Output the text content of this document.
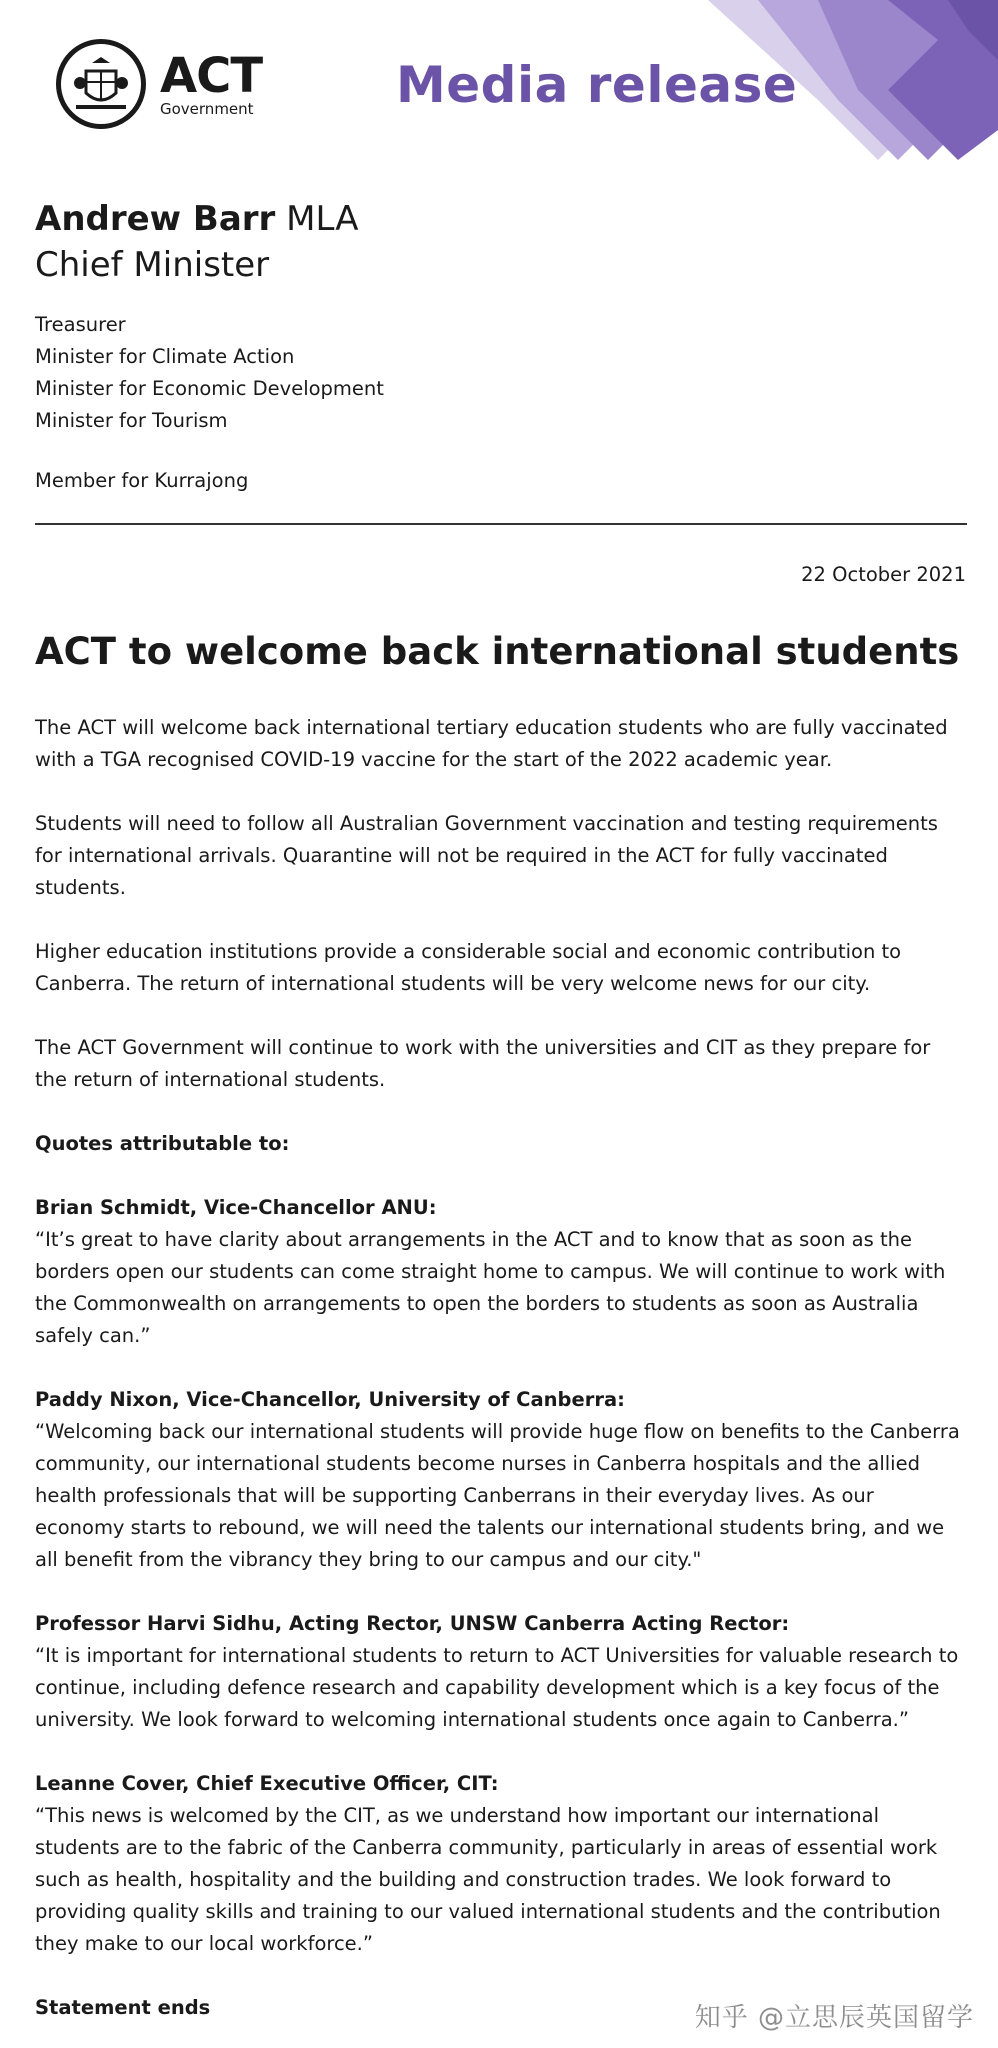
ACT
Government	Media release
Andrew Barr MLA
Chief Minister
Treasurer
Minister for Climate Action
Minister for Economic Development
Minister for Tourism
Member for Kurrajong
22 October 2021
ACT to welcome back international students

The ACT will welcome back international tertiary education students who are fully vaccinated with a TGA recognised COVID-19 vaccine for the start of the 2022 academic year.

Students will need to follow all Australian Government vaccination and testing requirements for international arrivals. Quarantine will not be required in the ACT for fully vaccinated students.

Higher education institutions provide a considerable social and economic contribution to Canberra. The return of international students will be very welcome news for our city.

The ACT Government will continue to work with the universities and CIT as they prepare for the return of international students.

Quotes attributable to:

Brian Schmidt, Vice-Chancellor ANU:

“It’s great to have clarity about arrangements in the ACT and to know that as soon as the borders open our students can come straight home to campus. We will continue to work with the Commonwealth on arrangements to open the borders to students as soon as Australia safely can.”

Paddy Nixon, Vice-Chancellor, University of Canberra:

“Welcoming back our international students will provide huge flow on benefits to the Canberra community, our international students become nurses in Canberra hospitals and the allied health professionals that will be supporting Canberrans in their everyday lives. As our economy starts to rebound, we will need the talents our international students bring, and we all benefit from the vibrancy they bring to our campus and our city."

Professor Harvi Sidhu, Acting Rector, UNSW Canberra Acting Rector:

“It is important for international students to return to ACT Universities for valuable research to continue, including defence research and capability development which is a key focus of the university. We look forward to welcoming international students once again to Canberra.”

Leanne Cover, Chief Executive Officer, CIT:

“This news is welcomed by the CIT, as we understand how important our international students are to the fabric of the Canberra community, particularly in areas of essential work such as health, hospitality and the building and construction trades. We look forward to providing quality skills and training to our valued international students and the contribution they make to our local workforce.”

Statement ends	知乎 @立思辰英国留学
